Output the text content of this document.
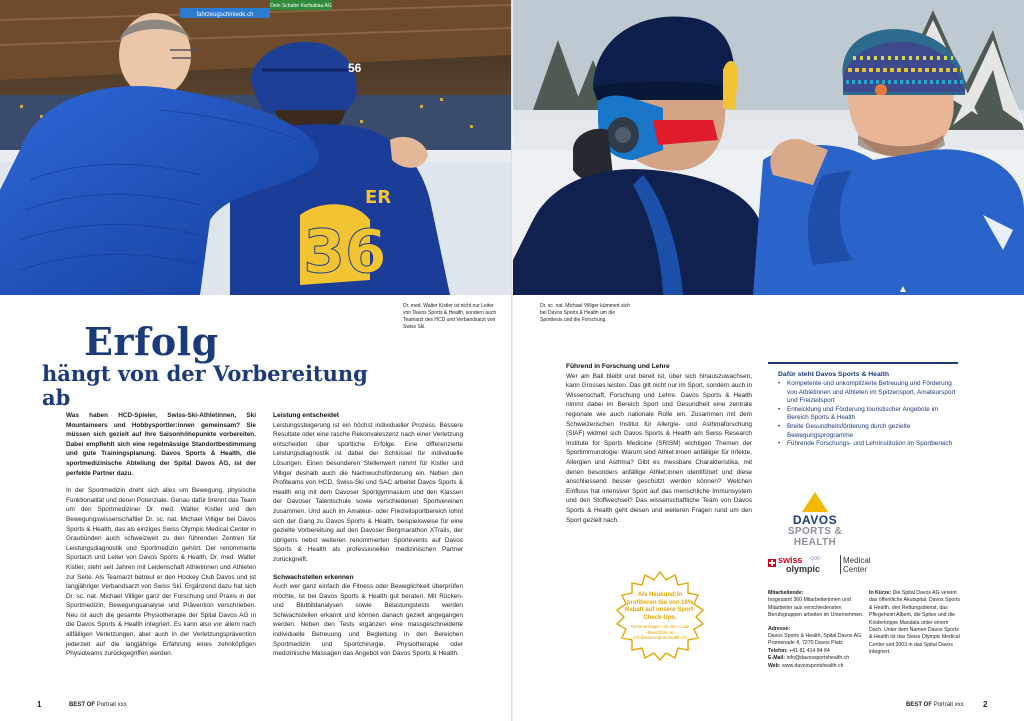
fahrzeugschmiede.ch
Dein Schafer Karfsabau AG
56
36
ER
▲
Dr. med. Walter Kistler ist nicht nur Leiter von Davos Sports & Health, sondern auch Teamarzt des HCD und Verbandsarzt von Swiss Ski.
Dr. sc. nat. Michael Villiger kümmert sich bei Davos Sports & Health um die Sporttests und die Forschung.
Erfolg
hängt von der Vorbereitung ab

Was haben HCD-Spieler, Swiss-Ski-Athletinnen, Ski Mountaineers und Hobbysportler:innen gemeinsam? Sie müssen sich gezielt auf ihre Saisonhöhepunkte vorbereiten. Dabei empfiehlt sich eine regelmässige Standortbestimmung und gute Trainingsplanung. Davos Sports & Health, die sportmedizinische Abteilung der Spital Davos AG, ist der perfekte Partner dazu.

In der Sportmedizin dreht sich alles um Bewegung, physische Funktionalität und deren Potenziale. Genau dafür brennt das Team um den Sportmediziner Dr. med. Walter Kistler und den Bewegungswissenschaftler Dr. sc. nat. Michael Villiger bei Davos Sports & Health, das als einziges Swiss Olympic Medical Center in Graubünden auch schweizweit zu den führenden Zentren für Leistungsdiagnostik und Sportmedizin gehört. Der renommierte Sportarzt und Leiter von Davos Sports & Health, Dr. med. Walter Kistler, steht seit Jahren mit Leidenschaft Athletinnen und Athleten zur Seite. Als Teamarzt betreut er den Hockey Club Davos und ist langjähriger Verbandsarzt von Swiss Ski. Ergänzend dazu hat sich Dr. sc. nat. Michael Villiger ganz der Forschung und Praxis in der Sportmedizin, Bewegungsanalyse und Prävention verschrieben. Neu ist auch die gesamte Physiotherapie der Spital Davos AG in die Davos Sports & Health integriert. Es kann also vor allem nach allfälligen Verletzungen, aber auch in der Verletzungsprävention jederzeit auf die langjährige Erfahrung eines zehnköpfigen Physioteams zurückgegriffen werden.

Leistung entscheidet

Leistungssteigerung ist ein höchst individueller Prozess. Bessere Resultate oder eine rasche Rekonvaleszenz nach einer Verletzung entscheiden über sportliche Erfolge. Eine differenzierte Leistungsdiagnostik ist dabei der Schlüssel für individuelle Lösungen. Einen besonderen Stellenwert nimmt für Kistler und Villiger deshalb auch die Nachwuchsförderung ein. Neben den Profiteams von HCD, Swiss-Ski und SAC arbeitet Davos Sports & Health eng mit dem Davoser Sportgymnasium und den Klassen der Davoser Talentschule sowie verschiedenen Sportvereinen zusammen. Und auch im Amateur- oder Freizeitsportbereich lohnt sich der Gang zu Davos Sports & Health, beispielsweise für eine gezielte Vorbereitung auf den Davoser Bergmarathon XTrails, der übrigens nebst weiteren renommierten Sportevents auf Davos Sports & Health als professionellen medizinischen Partner zurückgreift.

Schwachstellen erkennen

Auch wer ganz einfach die Fitness oder Beweglichkeit überprüfen möchte, ist bei Davos Sports & Health gut beraten. Mit Rücken- und Blutbildanalysen sowie Belastungstests werden Schwachstellen erkannt und können danach gezielt angegangen werden. Neben den Tests ergänzen eine massgeschneiderte individuelle Betreuung und Begleitung in den Bereichen Sportmedizin und Sportchirurgie, Physiotherapie oder medizinische Massagen das Angebot von Davos Sports & Health.

Führend in Forschung und Lehre

Wer am Ball bleibt und bereit ist, über sich hinauszuwachsen, kann Grosses leisten. Das gilt nicht nur im Sport, sondern auch in Wissenschaft, Forschung und Lehre. Davos Sports & Health nimmt dabei im Bereich Sport und Gesundheit eine zentrale regionale wie auch nationale Rolle ein. Zusammen mit dem Schweizerischen Institut für Allergie- und Asthmaforschung (SIAF) widmet sich Davos Sports & Health am Swiss Research Institute for Sports Medicine (SRISM) wichtigen Themen der Sportimmunologie: Warum sind Athlet:innen anfälliger für Infekte, Allergien und Asthma? Gibt es messbare Charakteristika, mit denen besonders anfällige Athlet:innen identifiziert und diese anschliessend besser geschützt werden können? Welchen Einfluss hat intensiver Sport auf das menschliche Immunsystem und den Stoffwechsel? Das wissenschaftliche Team von Davos Sports & Health geht diesen und weiteren Fragen rund um den Sport gezielt nach.

Dafür steht Davos Sports & Health
• Kompetente und unkomplizierte Betreuung und Förderung von Athletinnen und Athleten im Spitzensport, Amateursport und Freizeitsport
• Entwicklung und Förderung touristischer Angebote im Bereich Sports & Health
• Breite Gesundheitsförderung durch gezielte Bewegungsprogramme
• Führende Forschungs- und Lehrinstitution im Sportbereich
DAVOS
SPORTS & HEALTH
swiss
olympic
○○○	Medical
Center
Mitarbeitende:
Insgesamt 360 Mitarbeiterinnen und Mitarbeiter aus verschiedensten Berufsgruppen arbeiten im Unternehmen.
Adresse:
Davos Sports & Health, Spital Davos AG Promenade 4, 7270 Davos Platz
Telefon: +41 81 414 84 84
E-Mail: info@davossportshealth.ch
Web: www.davossportshealth.ch
In Kürze: Die Spital Davos AG vereint das öffentliche Akutspital, Davos Sports & Health, den Rettungsdienst, das Pflegeheim Alberti, die Spitex und die Kinderkrippe Mandala unter einem Dach. Unter dem Namen Davos Sports & Health ist das Swiss Olympic Medical Center seit 2003 in das Spital Davos integriert.
Als Neukund:in profitieren Sie von 10% Rabatt auf unsere Sport-Check-Ups.
Terminanfragen mit dem Code «BestOf24» an info@davossportshealth.ch
1	BEST OF Portrait xxx	BEST OF Portrait xxx 2
